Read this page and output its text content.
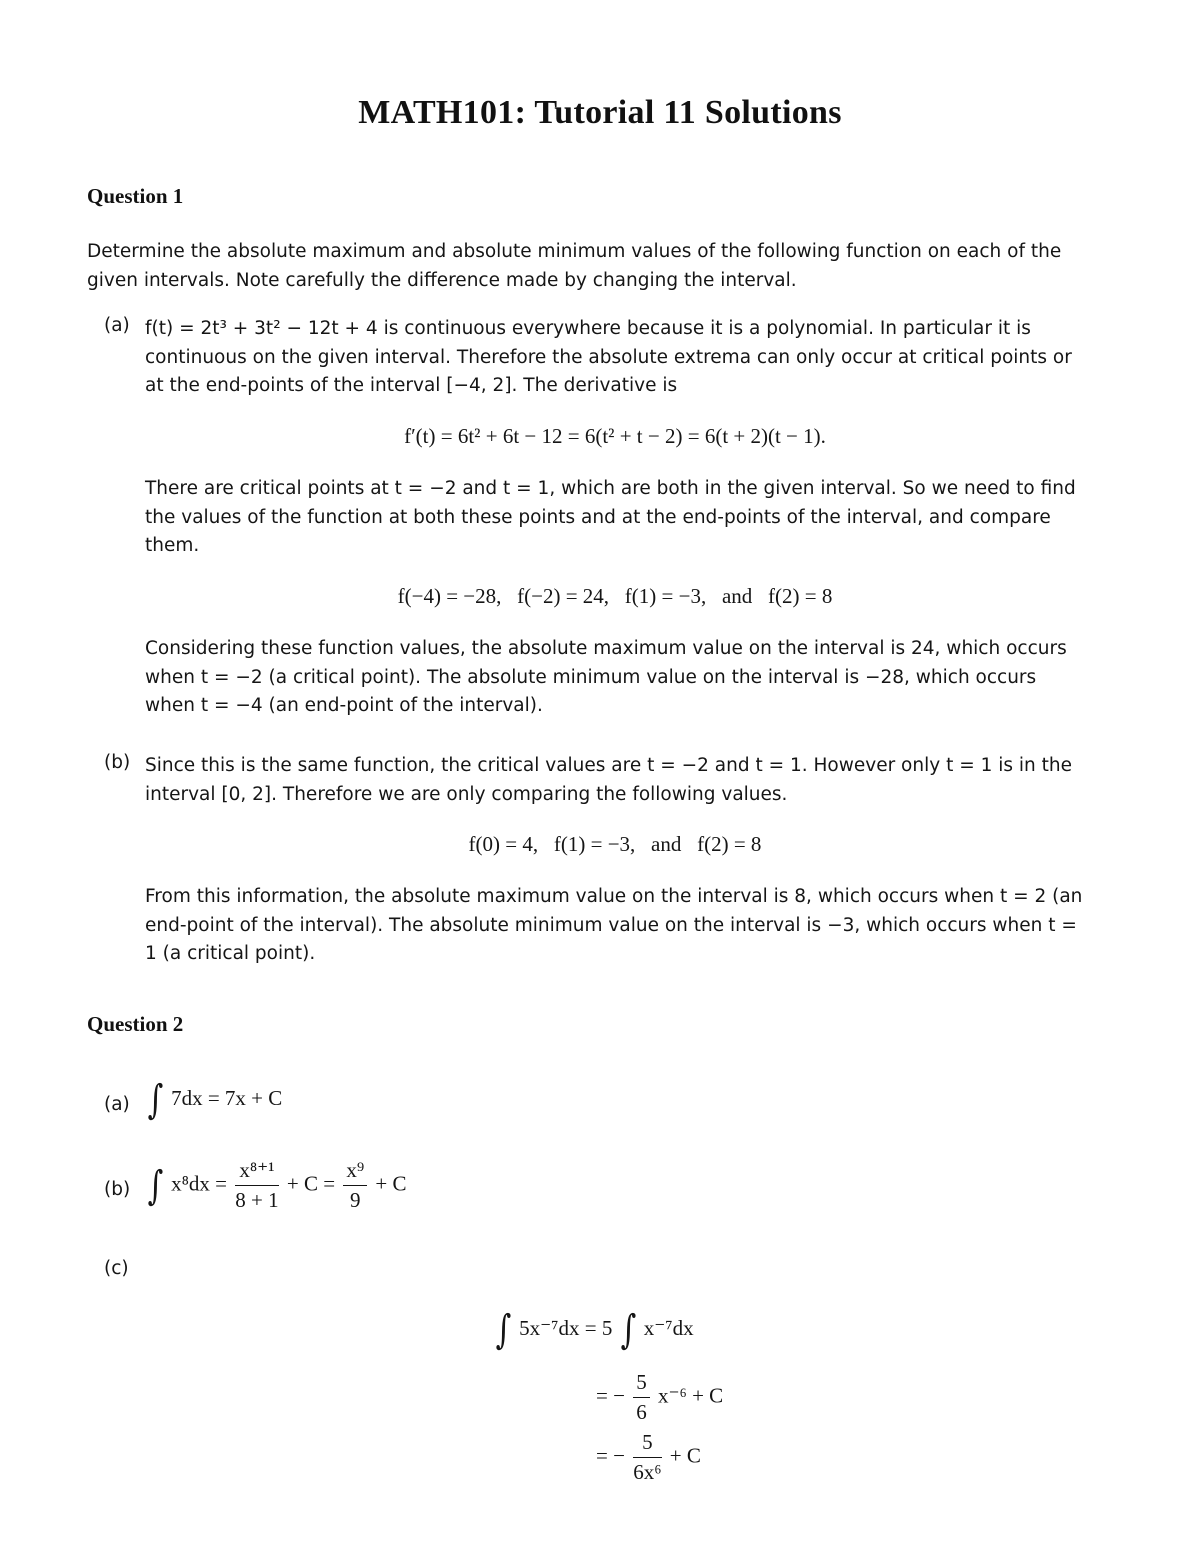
MATH101: Tutorial 11 Solutions
Question 1

Determine the absolute maximum and absolute minimum values of the following function on each of the given intervals. Note carefully the difference made by changing the interval.

(a) f(t) = 2t³ + 3t² − 12t + 4 is continuous everywhere because it is a polynomial. In particular it is continuous on the given interval. Therefore the absolute extrema can only occur at critical points or at the end-points of the interval [−4, 2]. The derivative is

f′(t) = 6t² + 6t − 12 = 6(t² + t − 2) = 6(t + 2)(t − 1).

There are critical points at t = −2 and t = 1, which are both in the given interval. So we need to find the values of the function at both these points and at the end-points of the interval, and compare them.

f(−4) = −28,   f(−2) = 24,   f(1) = −3,   and   f(2) = 8

Considering these function values, the absolute maximum value on the interval is 24, which occurs when t = −2 (a critical point). The absolute minimum value on the interval is −28, which occurs when t = −4 (an end-point of the interval).

(b) Since this is the same function, the critical values are t = −2 and t = 1. However only t = 1 is in the interval [0, 2]. Therefore we are only comparing the following values.

f(0) = 4,   f(1) = −3,   and   f(2) = 8

From this information, the absolute maximum value on the interval is 8, which occurs when t = 2 (an end-point of the interval). The absolute minimum value on the interval is −3, which occurs when t = 1 (a critical point).

Question 2
(a) ∫ 7dx = 7x + C
(b) ∫ $x^8dx = \frac{\text{x⁸⁺¹}}{8 + 1} + C = \frac{\text{x⁹}}{9} + C$
(c)
∫ 5x⁻⁷dx = 5 ∫ x⁻⁷dx
= − $\frac{5}{6} x^{-6} + C$
= − $\frac{5}{\text{6x⁶}} + C$
